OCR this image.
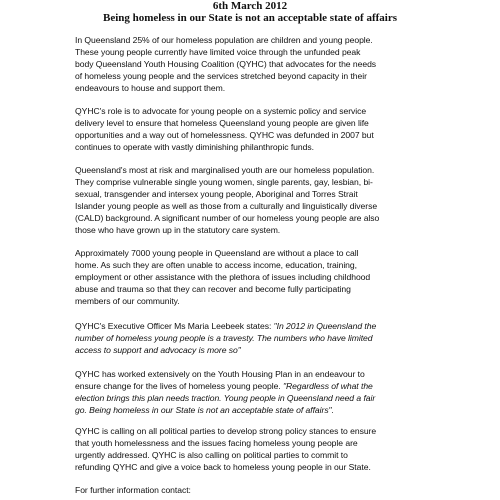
6th March 2012
Being homeless in our State is not an acceptable state of affairs
In Queensland 25% of our homeless population are children and young people.
These young people currently have limited voice through the unfunded peak
body Queensland Youth Housing Coalition (QYHC) that advocates for the needs
of homeless young people and the services stretched beyond capacity in their
endeavours to house and support them.
QYHC's role is to advocate for young people on a systemic policy and service
delivery level to ensure that homeless Queensland young people are given life
opportunities and a way out of homelessness. QYHC was defunded in 2007 but
continues to operate with vastly diminishing philanthropic funds.
Queensland's most at risk and marginalised youth are our homeless population.
They comprise vulnerable single young women, single parents, gay, lesbian, bi-
sexual, transgender and intersex young people, Aboriginal and Torres Strait
Islander young people as well as those from a culturally and linguistically diverse
(CALD) background. A significant number of our homeless young people are also
those who have grown up in the statutory care system.
Approximately 7000 young people in Queensland are without a place to call
home. As such they are often unable to access income, education, training,
employment or other assistance with the plethora of issues including childhood
abuse and trauma so that they can recover and become fully participating
members of our community.
QYHC's Executive Officer Ms Maria Leebeek states: "In 2012 in Queensland the
number of homeless young people is a travesty. The numbers who have limited
access to support and advocacy is more so"
QYHC has worked extensively on the Youth Housing Plan in an endeavour to
ensure change for the lives of homeless young people. "Regardless of what the
election brings this plan needs traction. Young people in Queensland need a fair
go. Being homeless in our State is not an acceptable state of affairs".
QYHC is calling on all political parties to develop strong policy stances to ensure
that youth homelessness and the issues facing homeless young people are
urgently addressed. QYHC is also calling on political parties to commit to
refunding QYHC and give a voice back to homeless young people in our State.
For further information contact:
